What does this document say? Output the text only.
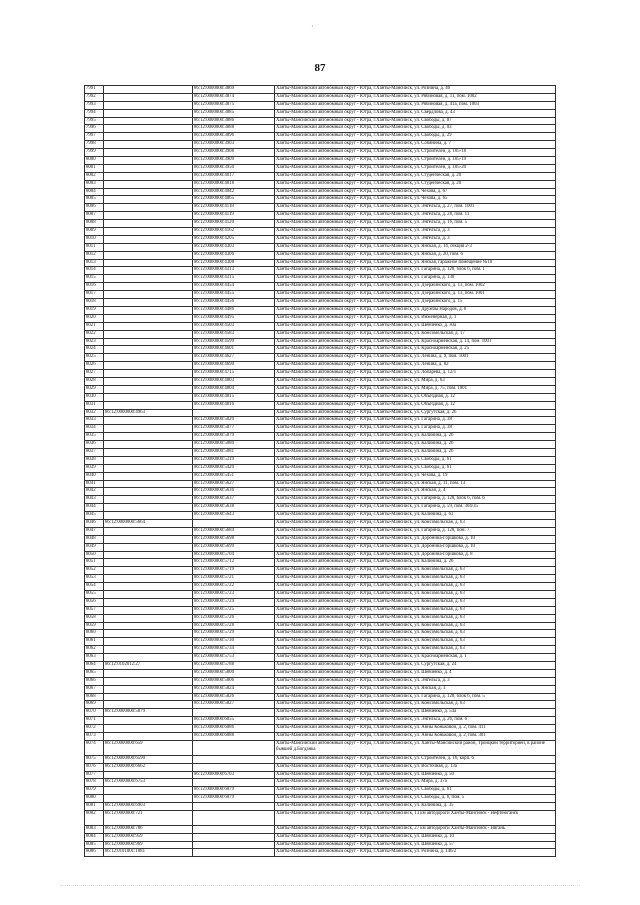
·
87
7991		86:12:0000000:3869	Ханты-Мансийский автономный округ - Югра, г.Ханты-Мансийск, ул. Рознина, д. 46
7992		86:12:0000000:3874	Ханты-Мансийский автономный округ - Югра, г.Ханты-Мансийск, ул. Рябиновая, д. 11, пом. 1002
7993		86:12:0000000:3875	Ханты-Мансийский автономный округ - Югра, г.Ханты-Мансийск, ул. Рябиновая, д. 41а, пом. 1003
7994		86:12:0000000:3885	Ханты-Мансийский автономный округ - Югра, г.Ханты-Мансийск, ул. Свердлова, д. 43
7995		86:12:0000000:3886	Ханты-Мансийский автономный округ - Югра, г.Ханты-Мансийск, ул. Свободы, д. 07
7996		86:12:0000000:3888	Ханты-Мансийский автономный округ - Югра, г.Ханты-Мансийск, ул. Свободы, д. 03
7997		86:12:0000000:3896	Ханты-Мансийский автономный округ - Югра, г.Ханты-Мансийск, ул. Свободы, д. 29
7998		86:12:0000000:3903	Ханты-Мансийский автономный округ - Югра, г.Ханты-Мансийск, ул. Собянина, д. 7
7999		86:12:0000000:3908	Ханты-Мансийский автономный округ - Югра, г.Ханты-Мансийск, ул. Строителей, д. 105-18
8000		86:12:0000000:3909	Ханты-Мансийский автономный округ - Югра, г.Ханты-Мансийск, ул. Строителей, д. 105-19
8001		86:12:0000000:3950	Ханты-Мансийский автономный округ - Югра, г.Ханты-Мансийск, ул. Строителей, д. 105-20
8002		86:12:0000000:4017	Ханты-Мансийский автономный округ - Югра, г.Ханты-Мансийск, ул. Студенческая, д. 20
8003		86:12:0000000:4018	Ханты-Мансийский автономный округ - Югра, г.Ханты-Мансийск, ул. Студенческая, д. 20
8004		86:12:0000000:4042	Ханты-Мансийский автономный округ - Югра, г.Ханты-Мансийск, ул. Чехова, д. 67
8005		86:12:0000000:4065	Ханты-Мансийский автономный округ - Югра, г.Ханты-Мансийск, ул. Чехова, д. 65
8006		86:12:0000000:4118	Ханты-Мансийский автономный округ - Югра, г.Ханты-Мансийск, ул. Энгельса, д. 27, пом. 1001
8007		86:12:0000000:4119	Ханты-Мансийский автономный округ - Югра, г.Ханты-Мансийск, ул. Энгельса, д. 28, пом. 11
8008		86:12:0000000:4120	Ханты-Мансийский автономный округ - Югра, г.Ханты-Мансийск, ул. Энгельса, д. 16, пом. 5
8009		86:12:0000000:4162	Ханты-Мансийский автономный округ - Югра, г.Ханты-Мансийск, ул. Энгельса, д. 3
8010		86:12:0000000:4205	Ханты-Мансийский автономный округ - Югра, г.Ханты-Мансийск, ул. Энгельса, д. 3
8011		86:12:0000000:4303	Ханты-Мансийский автономный округ - Югра, г.Ханты-Мансийск, ул. Янская, д. 14, секция 2-3
8012		86:12:0000000:4306	Ханты-Мансийский автономный округ - Югра, г.Ханты-Мансийск, ул. Янская, д. 20, пом. 6
8013		86:12:0000000:4308	Ханты-Мансийский автономный округ - Югра, г.Ханты-Мансийск, ул. Янская, гаражное помещение №10
8014		86:12:0000000:4313	Ханты-Мансийский автономный округ - Югра, г.Ханты-Мансийск, ул. Гагарина, д. 128, блок 6, пом. 1
8015		86:12:0000000:4315	Ханты-Мансийский автономный округ - Югра, г.Ханты-Мансийск, ул. Гагарина, д. 138
8016		86:12:0000000:4454	Ханты-Мансийский автономный округ - Югра, г.Ханты-Мансийск, ул. Дзержинского, д. 13, пом. 1002
8017		86:12:0000000:4455	Ханты-Мансийский автономный округ - Югра, г.Ханты-Мансийск, ул. Дзержинского, д. 13, пом. 1001
8018		86:12:0000000:4456	Ханты-Мансийский автономный округ - Югра, г.Ханты-Мансийск, ул. Дзержинского, д. 15
8019		86:12:0000000:4486	Ханты-Мансийский автономный округ - Югра, г.Ханты-Мансийск, ул. Дружбы Народов, д. 8
8020		86:12:0000000:4495	Ханты-Мансийский автономный округ - Югра, г.Ханты-Мансийск, ул. Инженерная, д. 1
8021		86:12:0000000:4503	Ханты-Мансийский автономный округ - Югра, г.Ханты-Мансийск, ул. Шевченко, д. 30а
8022		86:12:0000000:4583	Ханты-Мансийский автономный округ - Югра, г.Ханты-Мансийск, ул. Комсомольская, д. 17
8023		86:12:0000000:4599	Ханты-Мансийский автономный округ - Югра, г.Ханты-Мансийск, ул. Красноармейская, д. 14, пом. 1001
8024		86:12:0000000:4601	Ханты-Мансийский автономный округ - Югра, г.Ханты-Мансийск, ул. Красноармейская, д. 25
8025		86:12:0000000:4627	Ханты-Мансийский автономный округ - Югра, г.Ханты-Мансийск, ул. Ленина, д. 9, пом. 1001
8026		86:12:0000000:4690	Ханты-Мансийский автономный округ - Югра, г.Ханты-Мансийск, ул. Ленина, д. 82
8027		86:12:0000000:4715	Ханты-Мансийский автономный округ - Югра, г.Ханты-Мансийск, ул. Лопарева, д. 12/1
8028		86:12:0000000:4803	Ханты-Мансийский автономный округ - Югра, г.Ханты-Мансийск, ул. Мира, д. 63
8029		86:12:0000000:4804	Ханты-Мансийский автономный округ - Югра, г.Ханты-Мансийск, ул. Мира, д. 75, пом. 1001
8030		86:12:0000000:4815	Ханты-Мансийский автономный округ - Югра, г.Ханты-Мансийск, ул. Объездная, д. 12
8031		86:12:0000000:4816	Ханты-Мансийский автономный округ - Югра, г.Ханты-Мансийск, ул. Объездная, д. 12
8032	86:12:0000000:4963		Ханты-Мансийский автономный округ - Югра, г.Ханты-Мансийск, ул. Сургутская, д. 26
8033		86:12:0000000:5020	Ханты-Мансийский автономный округ - Югра, г.Ханты-Мансийск, ул. Гагарина, д. 38
8034		86:12:0000000:5077	Ханты-Мансийский автономный округ - Югра, г.Ханты-Мансийск, ул. Гагарина, д. 38
8035		86:12:0000000:5079	Ханты-Мансийский автономный округ - Югра, г.Ханты-Мансийск, ул. Калинина, д. 26
8036		86:12:0000000:5080	Ханты-Мансийский автономный округ - Югра, г.Ханты-Мансийск, ул. Калинина, д. 26
8037		86:12:0000000:5081	Ханты-Мансийский автономный округ - Югра, г.Ханты-Мансийск, ул. Калинина, д. 26
8038		86:12:0000000:5319	Ханты-Мансийский автономный округ - Югра, г.Ханты-Мансийск, ул. Свободы, д. 61
8039		86:12:0000000:5420	Ханты-Мансийский автономный округ - Югра, г.Ханты-Мансийск, ул. Свободы, д. 61
8040		86:12:0000000:5451	Ханты-Мансийский автономный округ - Югра, г.Ханты-Мансийск, ул. Чехова, д. 19
8041		86:12:0000000:5627	Ханты-Мансийский автономный округ - Югра, г.Ханты-Мансийск, ул. Янская, д. 11, пом. 13
8042		86:12:0000000:5636	Ханты-Мансийский автономный округ - Югра, г.Ханты-Мансийск, ул. Янская, д. 4
8043		86:12:0000000:5637	Ханты-Мансийский автономный округ - Югра, г.Ханты-Мансийск, ул. Гагарина, д. 128, блок 6, пом. 6
8044		86:12:0000000:5638	Ханты-Мансийский автономный округ - Югра, г.Ханты-Мансийск, ул. Гагарина, д. 59, пом. 304/35
8045		86:12:0000000:5643	Ханты-Мансийский автономный округ - Югра, г.Ханты-Мансийск, ул. Калинина, д. 63
8046	86:12:0000000:5664		Ханты-Мансийский автономный округ - Югра, г.Ханты-Мансийск, ул. Комсомольская, д. 63
8047		86:12:0000000:5684	Ханты-Мансийский автономный округ - Югра, г.Ханты-Мансийск, ул. Гагарина, д. 128, пом. 7
8048		86:12:0000000:5698	Ханты-Мансийский автономный округ - Югра, г.Ханты-Мансийск, ул. Доронина-Горшкова, д. 10
8049		86:12:0000000:5699	Ханты-Мансийский автономный округ - Югра, г.Ханты-Мансийск, ул. Доронина-Горшкова, д. 10
8050		86:12:0000000:5704	Ханты-Мансийский автономный округ - Югра, г.Ханты-Мансийск, ул. Доронина-Горшкова, д. 8
8051		86:12:0000000:5712	Ханты-Мансийский автономный округ - Югра, г.Ханты-Мансийск, ул. Калинина, д. 26
8052		86:12:0000000:5719	Ханты-Мансийский автономный округ - Югра, г.Ханты-Мансийск, ул. Комсомольская, д. 63
8053		86:12:0000000:5721	Ханты-Мансийский автономный округ - Югра, г.Ханты-Мансийск, ул. Комсомольская, д. 63
8054		86:12:0000000:5722	Ханты-Мансийский автономный округ - Югра, г.Ханты-Мансийск, ул. Комсомольская, д. 63
8055		86:12:0000000:5723	Ханты-Мансийский автономный округ - Югра, г.Ханты-Мансийск, ул. Комсомольская, д. 63
8056		86:12:0000000:5724	Ханты-Мансийский автономный округ - Югра, г.Ханты-Мансийск, ул. Комсомольская, д. 63
8057		86:12:0000000:5725	Ханты-Мансийский автономный округ - Югра, г.Ханты-Мансийск, ул. Комсомольская, д. 63
8058		86:12:0000000:5726	Ханты-Мансийский автономный округ - Югра, г.Ханты-Мансийск, ул. Комсомольская, д. 63
8059		86:12:0000000:5728	Ханты-Мансийский автономный округ - Югра, г.Ханты-Мансийск, ул. Комсомольская, д. 63
8060		86:12:0000000:5729	Ханты-Мансийский автономный округ - Югра, г.Ханты-Мансийск, ул. Комсомольская, д. 63
8061		86:12:0000000:5730	Ханты-Мансийский автономный округ - Югра, г.Ханты-Мансийск, ул. Комсомольская, д. 63
8062		86:12:0000000:5734	Ханты-Мансийский автономный округ - Югра, г.Ханты-Мансийск, ул. Комсомольская, д. 63
8063		86:12:0000000:5753	Ханты-Мансийский автономный округ - Югра, г.Ханты-Мансийск, ул. Красноармейская, д. 1
8064	86:12:0102012:27	86:12:0000000:5788	Ханты-Мансийский автономный округ - Югра, г.Ханты-Мансийск, ул. Сургутская, д. 24
8065		86:12:0000000:5800	Ханты-Мансийский автономный округ - Югра, г.Ханты-Мансийск, ул. Шевченко, д. 4
8066		86:12:0000000:5806	Ханты-Мансийский автономный округ - Югра, г.Ханты-Мансийск, ул. Энгельса, д. 3
8067		86:12:0000000:5824	Ханты-Мансийский автономный округ - Югра, г.Ханты-Мансийск, ул. Янская, д. 3
8068		86:12:0000000:5826	Ханты-Мансийский автономный округ - Югра, г.Ханты-Мансийск, ул. Гагарина, д. 128, блок 6, пом. 5
8069		86:12:0000000:5827	Ханты-Мансийский автономный округ - Югра, г.Ханты-Мансийск, ул. Комсомольская, д. 63
8070	86:12:0000000:5879		Ханты-Мансийский автономный округ - Югра, г.Ханты-Мансийск, ул. Шевченко, д. 54а
8071		86:12:0000000:6055	Ханты-Мансийский автономный округ - Югра, г.Ханты-Мансийск, ул. Энгельса, д. 26, пом. 6
8072		86:12:0000000:6086	Ханты-Мансийский автономный округ - Югра, г.Ханты-Мансийск, ул. Анны Коньковой, д. 2, пом. 411
8073		86:12:0000000:6088	Ханты-Мансийский автономный округ - Югра, г.Ханты-Мансийск, ул. Анны Коньковой, д. 2, пом. 301
8074	86:12:0000000:659		Ханты-Мансийский автономный округ - Югра, г.Ханты-Мансийск, ул. Ханты-Мансийский район, Троицкий территорией, в районе бывшей д.Богданка
8075	86:12:0000000:6590		Ханты-Мансийский автономный округ - Югра, г.Ханты-Мансийск, ул. Строителей, д. 16, корп. 6
8076	86:12:0000000:6662		Ханты-Мансийский автономный округ - Югра, г.Ханты-Мансийск, ул. Восточная, д. 13а
8077		86:12:0000000:6703	Ханты-Мансийский автономный округ - Югра, г.Ханты-Мансийск, ул. Шевченко, д. 50
8078	86:12:0000000:6753		Ханты-Мансийский автономный округ - Югра, г.Ханты-Мансийск, ул. Мира, д. 37а
8079		86:12:0000000:6879	Ханты-Мансийский автономный округ - Югра, г.Ханты-Мансийск, ул. Свободы, д. 61
8080		86:12:0000000:6879	Ханты-Мансийский автономный округ - Югра, г.Ханты-Мансийск, ул. Свободы, д. 6, пом. 5
8081	86:12:0000000:6903		Ханты-Мансийский автономный округ - Югра, г.Ханты-Мансийск, ул. Калинина, д. 35
8082	86:12:0000000:721		Ханты-Мансийский автономный округ - Югра, г.Ханты-Мансийск, 13 км автодороги Ханты-Мансийск - Нефтеюганск
8083	86:12:0000000:786		Ханты-Мансийский автономный округ - Югра, г.Ханты-Мансийск, 27 км автодороги Ханты-Мансийск - Нягань
8084	86:12:0000000:959		Ханты-Мансийский автономный округ - Югра, г.Ханты-Мансийск, ул. Шевченко, д. 10
8085	86:12:0000000:969		Ханты-Мансийский автономный округ - Югра, г.Ханты-Мансийск, ул. Шевченко, д. 57
8086	86:12:0101001:1081		Ханты-Мансийский автономный округ - Югра, г.Ханты-Мансийск, ул. Рознина, д. 146/2
